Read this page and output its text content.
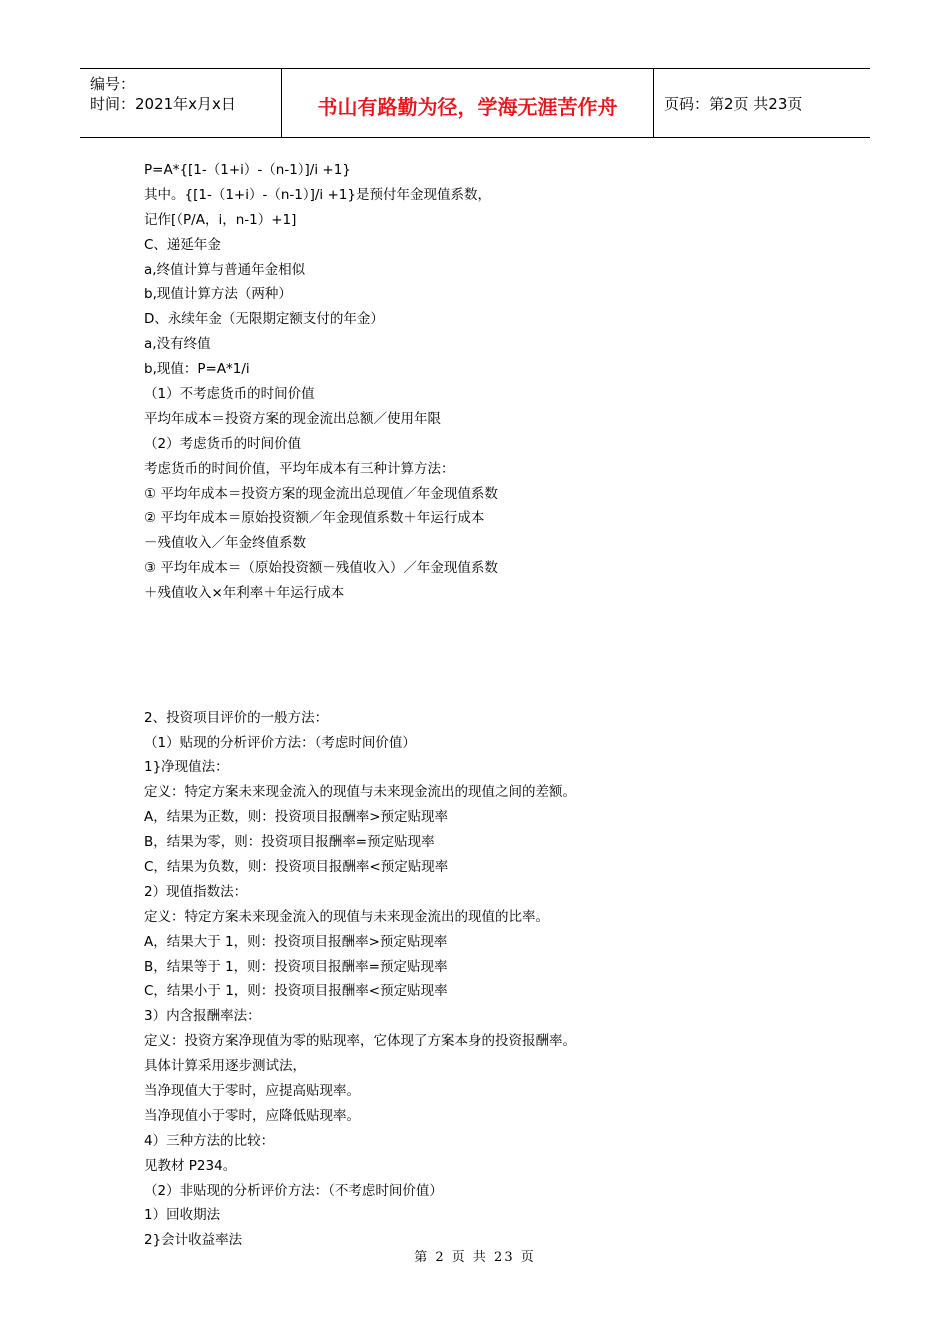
编号：
时间：2021年x月x日	书山有路勤为径，学海无涯苦作舟	页码：第2页 共23页
P=A*{[1-（1+i）-（n-1）]/i +1}
其中。{[1-（1+i）-（n-1）]/i +1}是预付年金现值系数，
记作[（P/A，i，n-1）+1]
C、递延年金
a,终值计算与普通年金相似
b,现值计算方法（两种）
D、永续年金（无限期定额支付的年金）
a,没有终值
b,现值：P=A*1/i
（1）不考虑货币的时间价值
平均年成本＝投资方案的现金流出总额／使用年限
（2）考虑货币的时间价值
考虑货币的时间价值，平均年成本有三种计算方法：
① 平均年成本＝投资方案的现金流出总现值／年金现值系数
② 平均年成本＝原始投资额／年金现值系数＋年运行成本
－残值收入／年金终值系数
③ 平均年成本＝（原始投资额－残值收入）／年金现值系数
＋残值收入×年利率＋年运行成本
2、投资项目评价的一般方法：
（1）贴现的分析评价方法：（考虑时间价值）
1}净现值法：
定义：特定方案未来现金流入的现值与未来现金流出的现值之间的差额。
A，结果为正数，则：投资项目报酬率>预定贴现率
B，结果为零，则：投资项目报酬率=预定贴现率
C，结果为负数，则：投资项目报酬率<预定贴现率
2）现值指数法：
定义：特定方案未来现金流入的现值与未来现金流出的现值的比率。
A，结果大于 1，则：投资项目报酬率>预定贴现率
B，结果等于 1，则：投资项目报酬率=预定贴现率
C，结果小于 1，则：投资项目报酬率<预定贴现率
3）内含报酬率法：
定义：投资方案净现值为零的贴现率，它体现了方案本身的投资报酬率。
具体计算采用逐步测试法，
当净现值大于零时，应提高贴现率。
当净现值小于零时，应降低贴现率。
4）三种方法的比较：
见教材 P234。
（2）非贴现的分析评价方法：（不考虑时间价值）
1）回收期法
2}会计收益率法
第 2 页 共 23 页
